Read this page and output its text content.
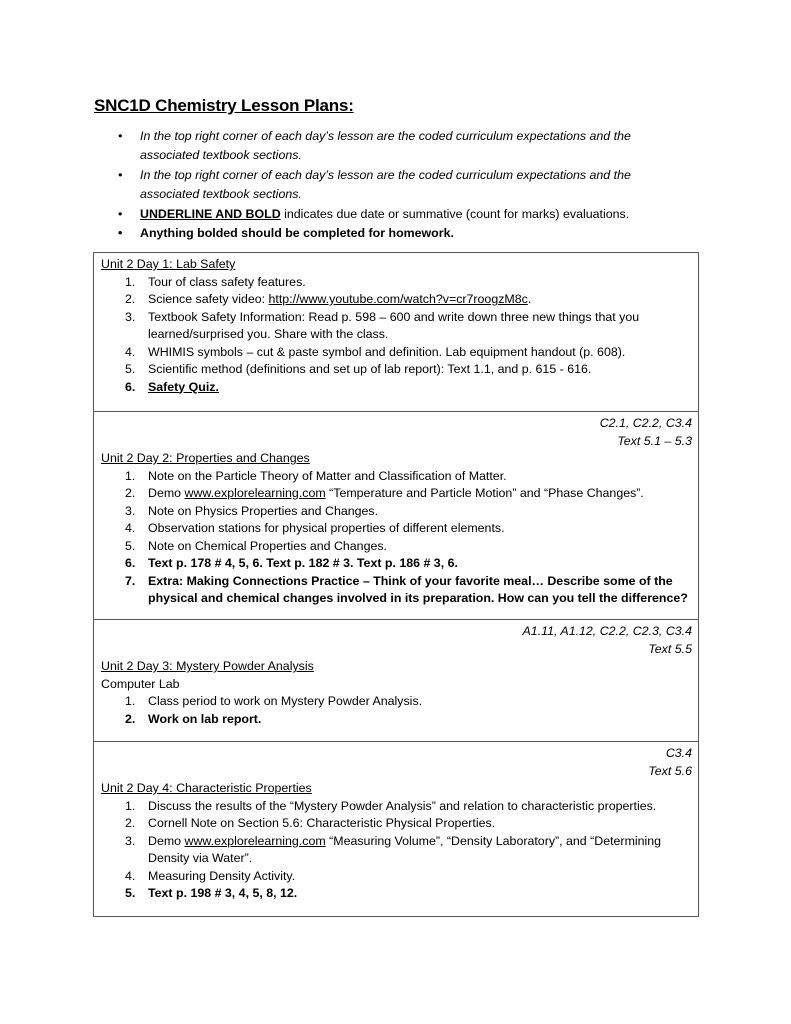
SNC1D Chemistry Lesson Plans:
• In the top right corner of each day’s lesson are the coded curriculum expectations and the associated textbook sections.
• In the top right corner of each day’s lesson are the coded curriculum expectations and the associated textbook sections.
• UNDERLINE AND BOLD indicates due date or summative (count for marks) evaluations.
• Anything bolded should be completed for homework.
Unit 2 Day 1: Lab Safety
1. Tour of class safety features.
2. Science safety video: http://www.youtube.com/watch?v=cr7roogzM8c.
3. Textbook Safety Information: Read p. 598 – 600 and write down three new things that you learned/surprised you. Share with the class.
4. WHIMIS symbols – cut & paste symbol and definition. Lab equipment handout (p. 608).
5. Scientific method (definitions and set up of lab report): Text 1.1, and p. 615 - 616.
6. Safety Quiz.
C2.1, C2.2, C3.4
Text 5.1 – 5.3
Unit 2 Day 2: Properties and Changes
1. Note on the Particle Theory of Matter and Classification of Matter.
2. Demo www.explorelearning.com “Temperature and Particle Motion” and “Phase Changes”.
3. Note on Physics Properties and Changes.
4. Observation stations for physical properties of different elements.
5. Note on Chemical Properties and Changes.
6. Text p. 178 # 4, 5, 6. Text p. 182 # 3. Text p. 186 # 3, 6.
7. Extra: Making Connections Practice – Think of your favorite meal… Describe some of the physical and chemical changes involved in its preparation. How can you tell the difference?
A1.11, A1.12, C2.2, C2.3, C3.4
Text 5.5
Unit 2 Day 3: Mystery Powder Analysis
Computer Lab
1. Class period to work on Mystery Powder Analysis.
2. Work on lab report.
C3.4
Text 5.6
Unit 2 Day 4: Characteristic Properties
1. Discuss the results of the “Mystery Powder Analysis” and relation to characteristic properties.
2. Cornell Note on Section 5.6: Characteristic Physical Properties.
3. Demo www.explorelearning.com “Measuring Volume”, “Density Laboratory”, and “Determining Density via Water”.
4. Measuring Density Activity.
5. Text p. 198 # 3, 4, 5, 8, 12.
